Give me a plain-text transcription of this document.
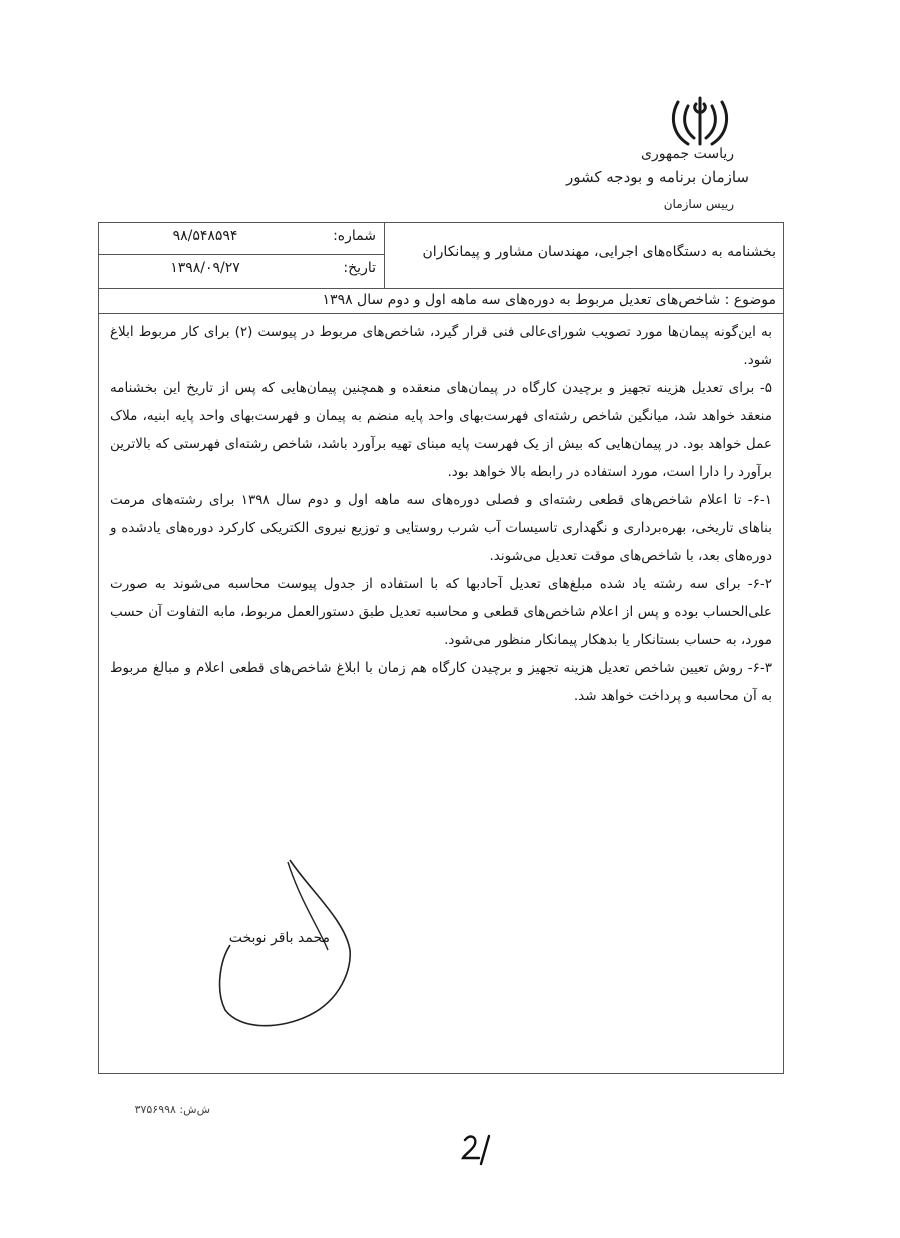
ریاست جمهوری
سازمان برنامه و بودجه کشور
رییس سازمان
شماره:
۹۸/۵۴۸۵۹۴
تاریخ:
۱۳۹۸/۰۹/۲۷
بخشنامه به دستگاه‌های اجرایی، مهندسان مشاور و پیمانکاران
موضوع : شاخص‌های تعدیل مربوط به دوره‌های سه ماهه اول و دوم سال ۱۳۹۸

به این‌گونه پیمان‌ها مورد تصویب شورای‌عالی فنی قرار گیرد، شاخص‌های مربوط در پیوست (۲) برای کار مربوط ابلاغ شود.

۵- برای تعدیل هزینه تجهیز و برچیدن کارگاه در پیمان‌های منعقده و همچنین پیمان‌هایی که پس از تاریخ این بخشنامه منعقد خواهد شد، میانگین شاخص رشته‌ای فهرست‌بهای واحد پایه منضم به پیمان و فهرست‌بهای واحد پایه ابنیه، ملاک عمل خواهد بود. در پیمان‌هایی که بیش از یک فهرست پایه مبنای تهیه برآورد باشد، شاخص رشته‌ای فهرستی که بالاترین برآورد را دارا است، مورد استفاده در رابطه بالا خواهد بود.

۶-۱- تا اعلام شاخص‌های قطعی رشته‌ای و فصلی دوره‌های سه ماهه اول و دوم سال ۱۳۹۸ برای رشته‌های مرمت بناهای تاریخی، بهره‌برداری و نگهداری تاسیسات آب شرب روستایی و توزیع نیروی الکتریکی کارکرد دوره‌های یادشده و دوره‌های بعد، با شاخص‌های موقت تعدیل می‌شوند.

۶-۲- برای سه رشته یاد شده مبلغ‌های تعدیل آحادبها که با استفاده از جدول پیوست محاسبه می‌شوند به صورت علی‌الحساب بوده و پس از اعلام شاخص‌های قطعی و محاسبه تعدیل طبق دستورالعمل مربوط، مابه التفاوت آن حسب مورد، به حساب بستانکار یا بدهکار پیمانکار منظور می‌شود.

۶-۳- روش تعیین شاخص تعدیل هزینه تجهیز و برچیدن کارگاه هم زمان با ابلاغ شاخص‌های قطعی اعلام و مبالغ مربوط به آن محاسبه و پرداخت خواهد شد.

محمد باقر نوبخت
ش‌ش: ۳۷۵۶۹۹۸
